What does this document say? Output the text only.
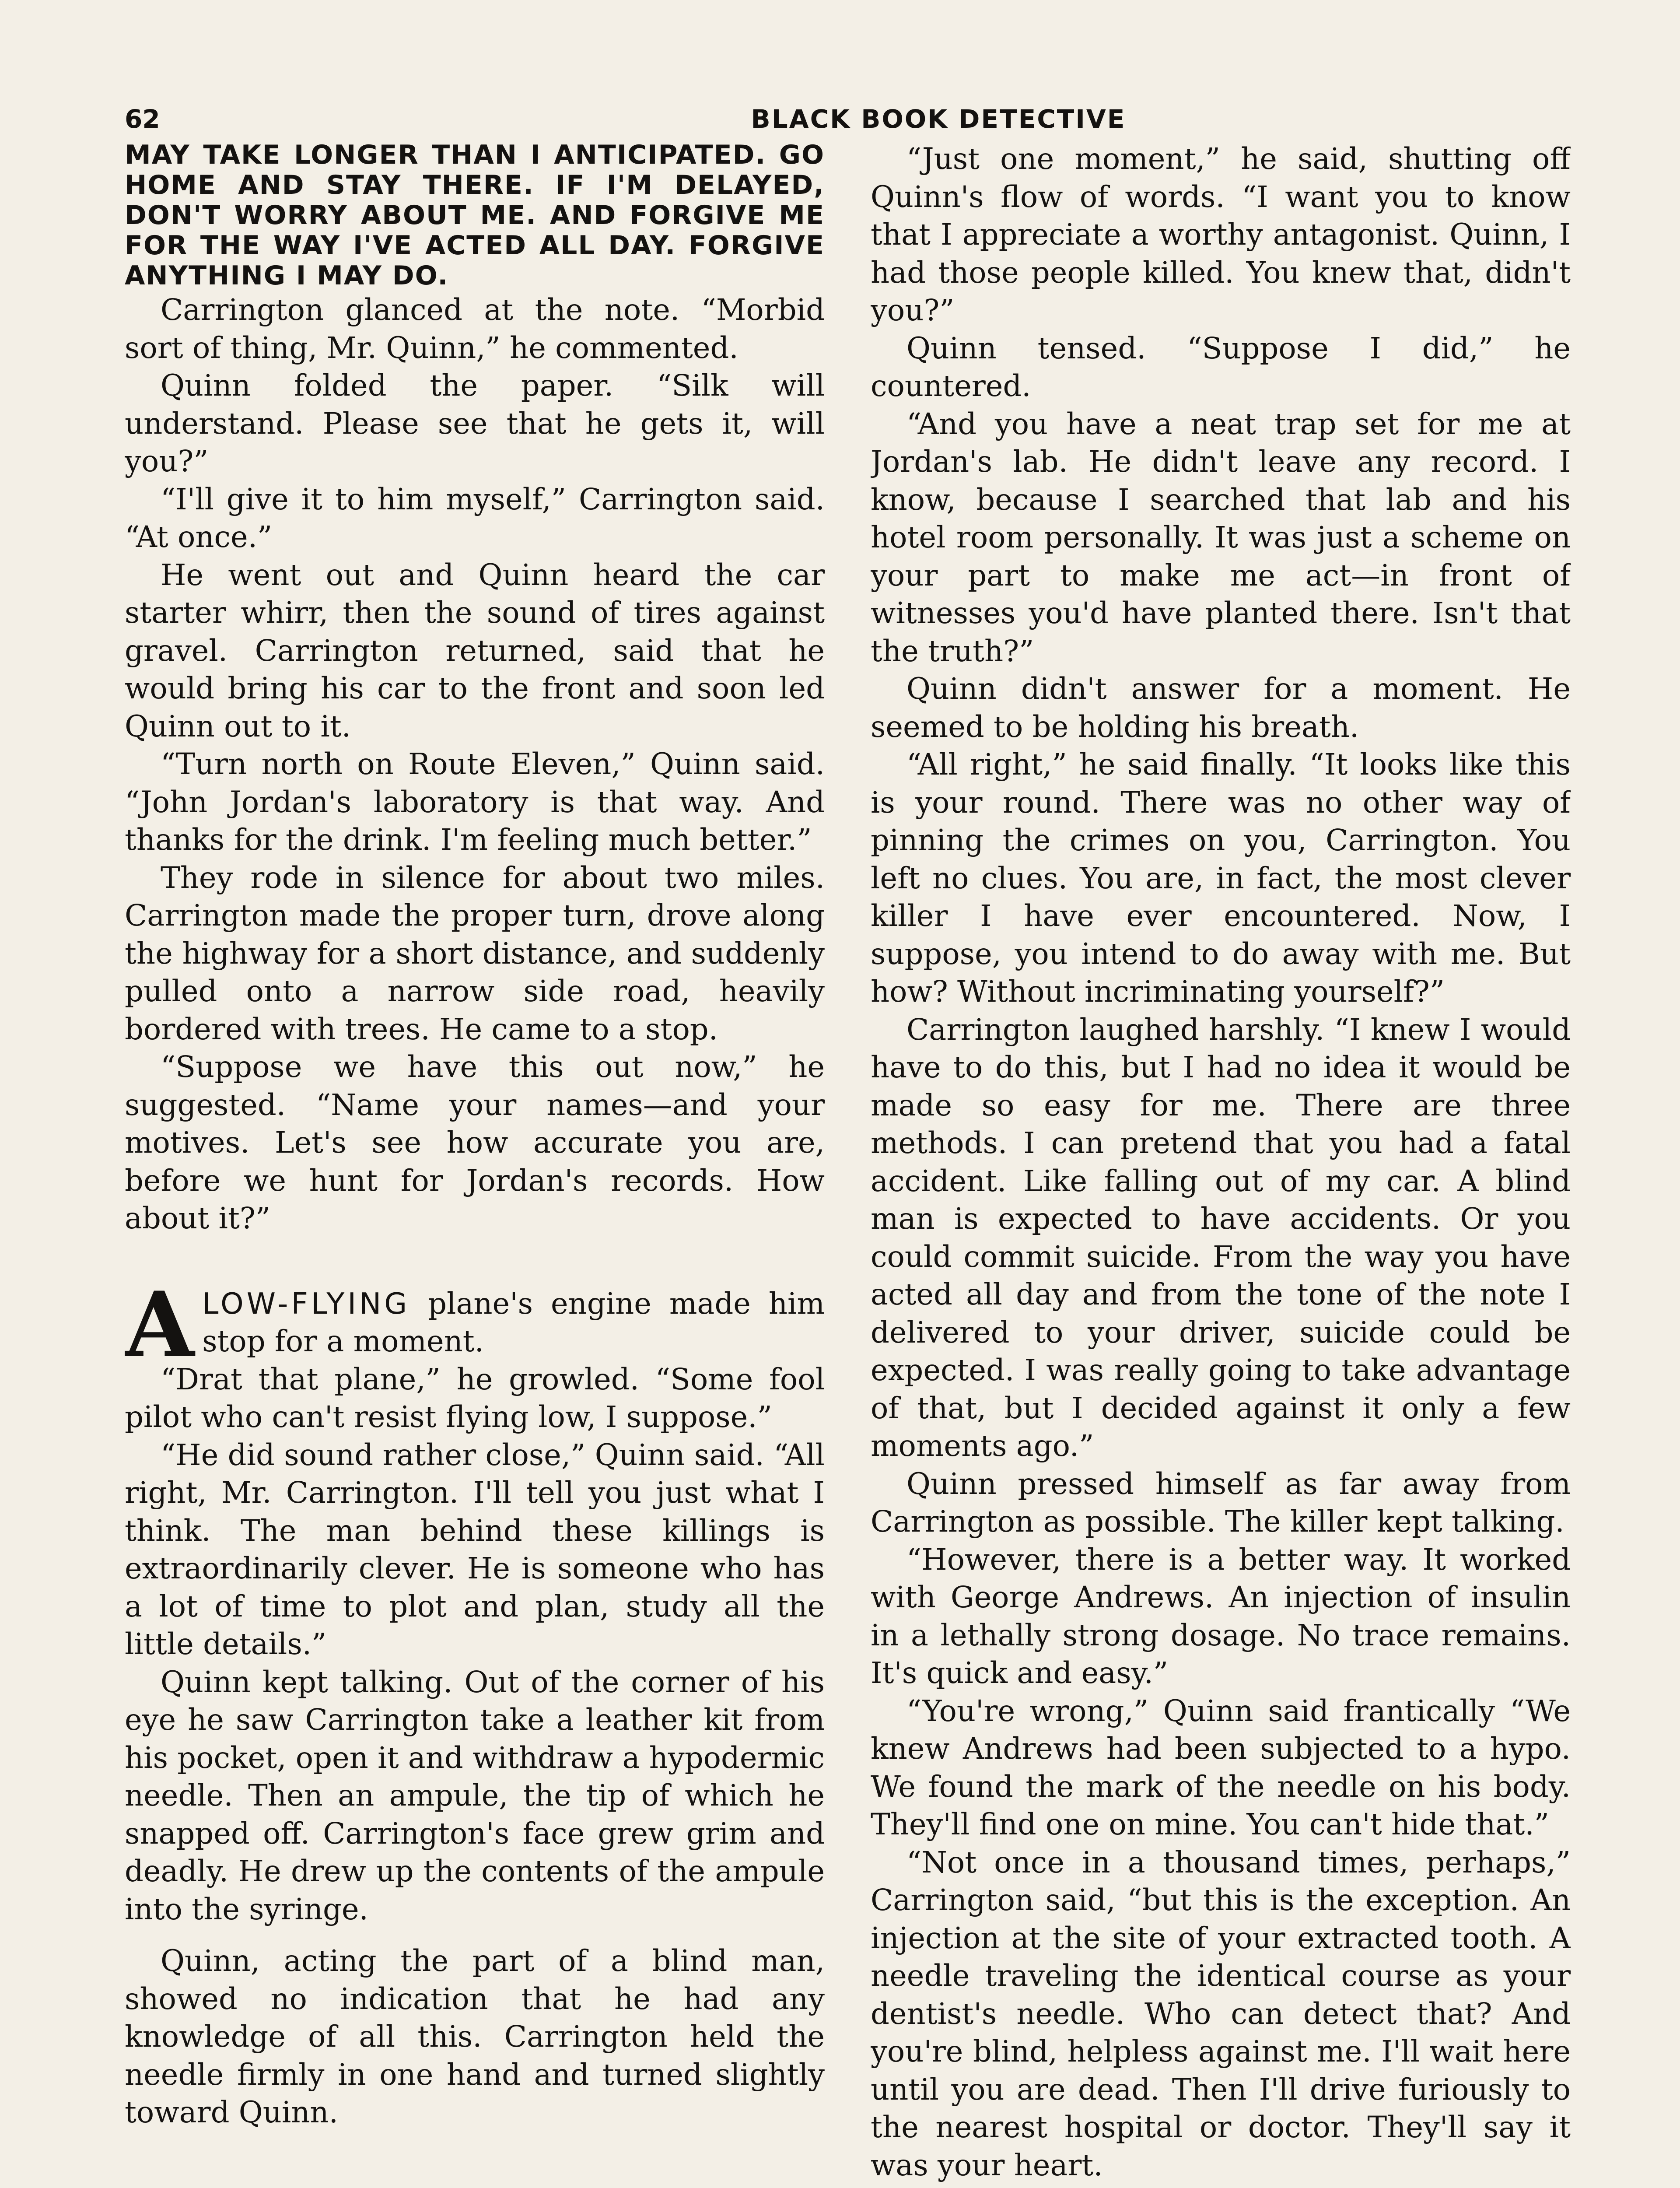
62	BLACK BOOK DETECTIVE

MAY TAKE LONGER THAN I ANTICIPATED. GO HOME AND STAY THERE. IF I'M DELAYED, DON'T WORRY ABOUT ME. AND FORGIVE ME FOR THE WAY I'VE ACTED ALL DAY. FORGIVE ANYTHING I MAY DO.

Carrington glanced at the note. “Morbid sort of thing, Mr. Quinn,” he commented.

Quinn folded the paper. “Silk will understand. Please see that he gets it, will you?”

“I'll give it to him myself,” Carrington said. “At once.”

He went out and Quinn heard the car starter whirr, then the sound of tires against gravel. Carrington returned, said that he would bring his car to the front and soon led Quinn out to it.

“Turn north on Route Eleven,” Quinn said. “John Jordan's laboratory is that way. And thanks for the drink. I'm feeling much better.”

They rode in silence for about two miles. Carrington made the proper turn, drove along the highway for a short distance, and suddenly pulled onto a narrow side road, heavily bordered with trees. He came to a stop.

“Suppose we have this out now,” he suggested. “Name your names—and your motives. Let's see how accurate you are, before we hunt for Jordan's records. How about it?”

A LOW-FLYING plane's engine made him stop for a moment.

“Drat that plane,” he growled. “Some fool pilot who can't resist flying low, I suppose.”

“He did sound rather close,” Quinn said. “All right, Mr. Carrington. I'll tell you just what I think. The man behind these killings is extraordinarily clever. He is someone who has a lot of time to plot and plan, study all the little details.”

Quinn kept talking. Out of the corner of his eye he saw Carrington take a leather kit from his pocket, open it and withdraw a hypodermic needle. Then an ampule, the tip of which he snapped off. Carrington's face grew grim and deadly. He drew up the contents of the ampule into the syringe.

Quinn, acting the part of a blind man, showed no indication that he had any knowledge of all this. Carrington held the needle firmly in one hand and turned slightly toward Quinn.

“Just one moment,” he said, shutting off Quinn's flow of words. “I want you to know that I appreciate a worthy antagonist. Quinn, I had those people killed. You knew that, didn't you?”

Quinn tensed. “Suppose I did,” he countered.

“And you have a neat trap set for me at Jordan's lab. He didn't leave any record. I know, because I searched that lab and his hotel room personally. It was just a scheme on your part to make me act—in front of witnesses you'd have planted there. Isn't that the truth?”

Quinn didn't answer for a moment. He seemed to be holding his breath.

“All right,” he said finally. “It looks like this is your round. There was no other way of pinning the crimes on you, Carrington. You left no clues. You are, in fact, the most clever killer I have ever encountered. Now, I suppose, you intend to do away with me. But how? Without incriminating yourself?”

Carrington laughed harshly. “I knew I would have to do this, but I had no idea it would be made so easy for me. There are three methods. I can pretend that you had a fatal accident. Like falling out of my car. A blind man is expected to have accidents. Or you could commit suicide. From the way you have acted all day and from the tone of the note I delivered to your driver, suicide could be expected. I was really going to take advantage of that, but I decided against it only a few moments ago.”

Quinn pressed himself as far away from Carrington as possible. The killer kept talking.

“However, there is a better way. It worked with George Andrews. An injection of insulin in a lethally strong dosage. No trace remains. It's quick and easy.”

“You're wrong,” Quinn said frantically “We knew Andrews had been subjected to a hypo. We found the mark of the needle on his body. They'll find one on mine. You can't hide that.”

“Not once in a thousand times, perhaps,” Carrington said, “but this is the exception. An injection at the site of your extracted tooth. A needle traveling the identical course as your dentist's needle. Who can detect that? And you're blind, helpless against me. I'll wait here until you are dead. Then I'll drive furiously to the nearest hospital or doctor. They'll say it was your heart.
